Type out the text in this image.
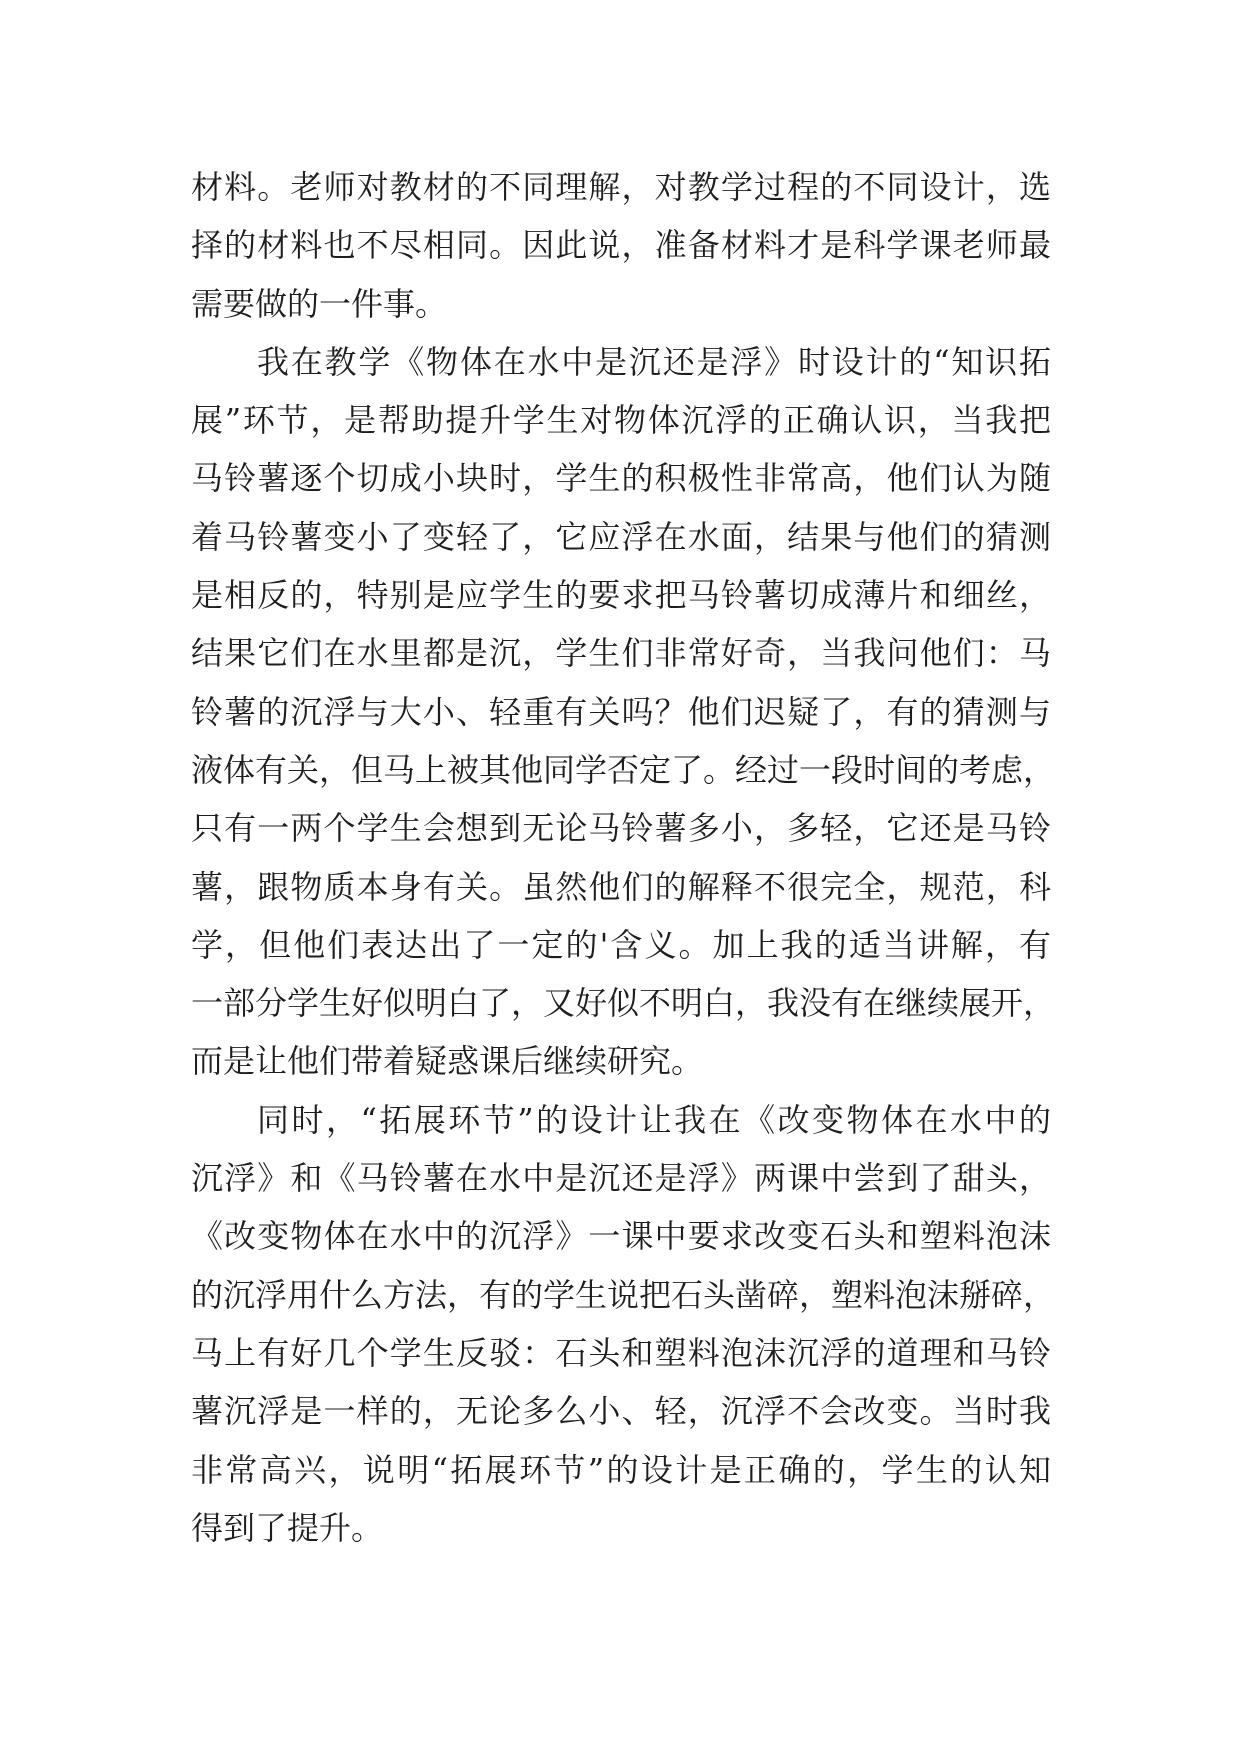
材料。老师对教材的不同理解，对教学过程的不同设计，选
择的材料也不尽相同。因此说，准备材料才是科学课老师最
需要做的一件事。
我在教学《物体在水中是沉还是浮》时设计的“知识拓
展”环节，是帮助提升学生对物体沉浮的正确认识，当我把
马铃薯逐个切成小块时，学生的积极性非常高，他们认为随
着马铃薯变小了变轻了，它应浮在水面，结果与他们的猜测
是相反的，特别是应学生的要求把马铃薯切成薄片和细丝，
结果它们在水里都是沉，学生们非常好奇，当我问他们：马
铃薯的沉浮与大小、轻重有关吗？他们迟疑了，有的猜测与
液体有关，但马上被其他同学否定了。经过一段时间的考虑，
只有一两个学生会想到无论马铃薯多小，多轻，它还是马铃
薯，跟物质本身有关。虽然他们的解释不很完全，规范，科
学，但他们表达出了一定的'含义。加上我的适当讲解，有
一部分学生好似明白了，又好似不明白，我没有在继续展开，
而是让他们带着疑惑课后继续研究。
同时，“拓展环节”的设计让我在《改变物体在水中的
沉浮》和《马铃薯在水中是沉还是浮》两课中尝到了甜头，
《改变物体在水中的沉浮》一课中要求改变石头和塑料泡沫
的沉浮用什么方法，有的学生说把石头凿碎，塑料泡沫掰碎，
马上有好几个学生反驳：石头和塑料泡沫沉浮的道理和马铃
薯沉浮是一样的，无论多么小、轻，沉浮不会改变。当时我
非常高兴，说明“拓展环节”的设计是正确的，学生的认知
得到了提升。
